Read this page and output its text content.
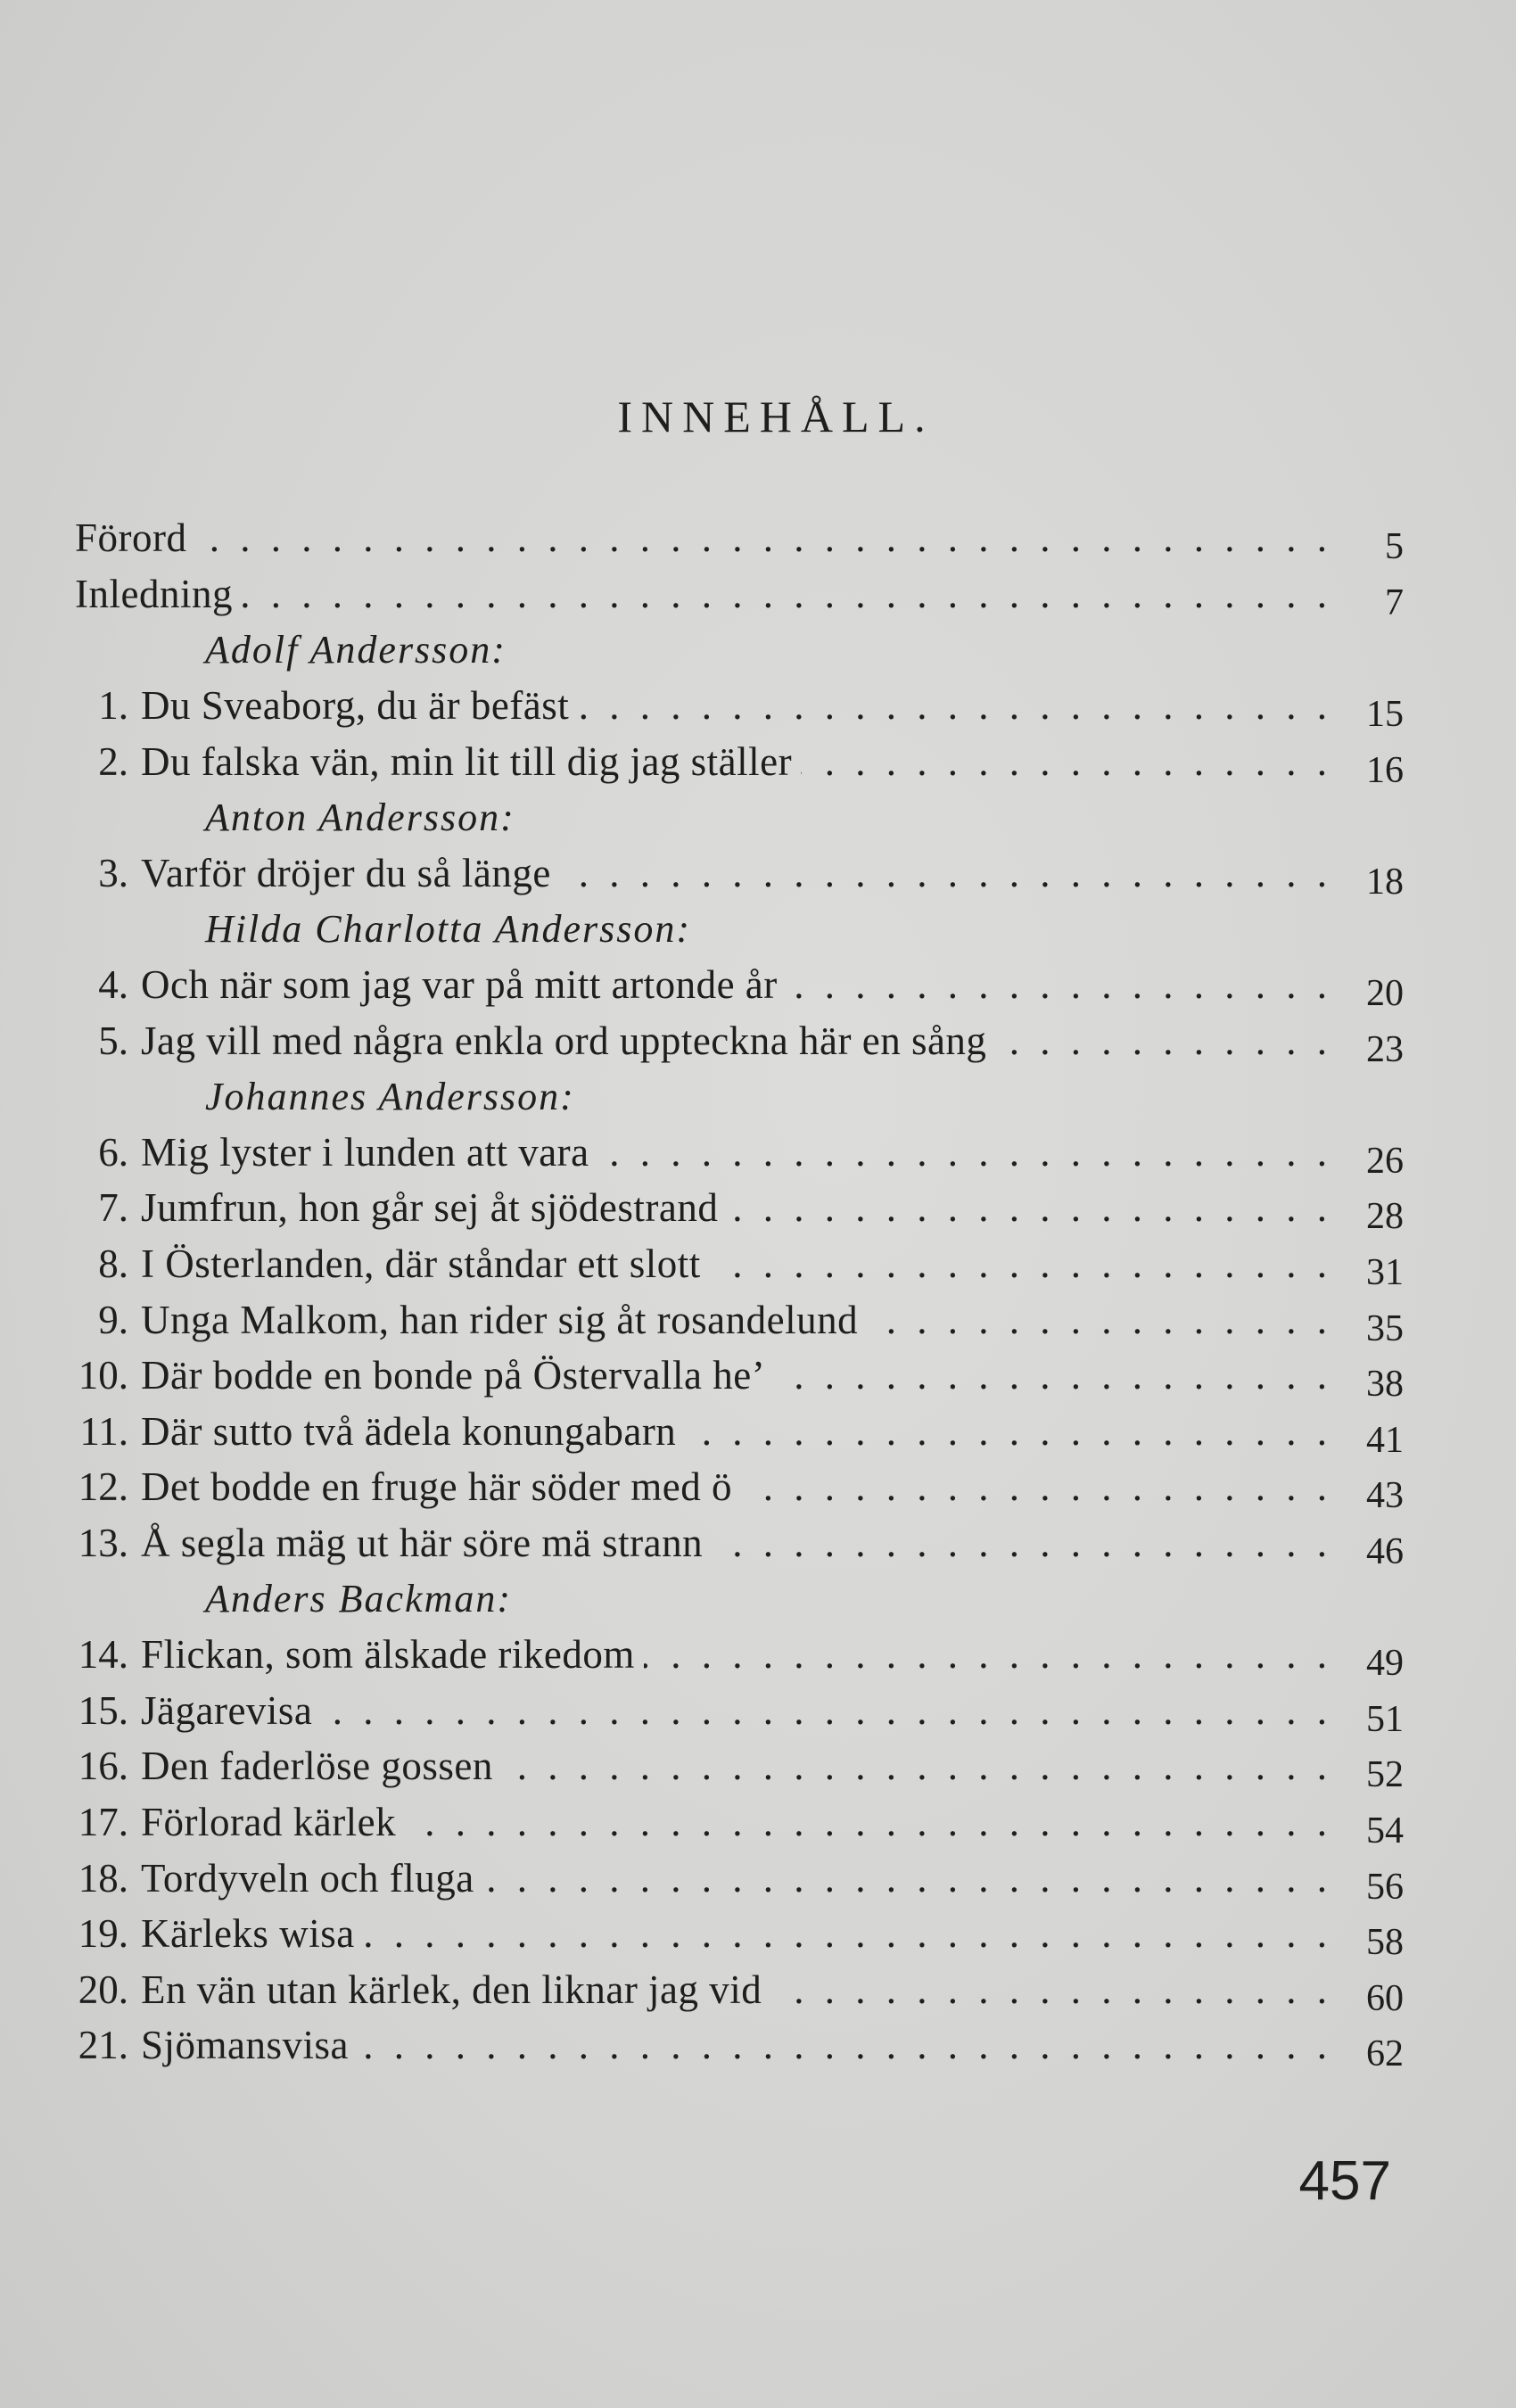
INNEHÅLL.
Förord . . .	5
Inledning . . .	7
Adolf Andersson:
1. Du Sveaborg, du är befäst . . .	15
2. Du falska vän, min lit till dig jag ställer . . .	16
Anton Andersson:
3. Varför dröjer du så länge . . .	18
Hilda Charlotta Andersson:
4. Och när som jag var på mitt artonde år . . .	20
5. Jag vill med några enkla ord uppteckna här en sång . . .	23
Johannes Andersson:
6. Mig lyster i lunden att vara . . .	26
7. Jumfrun, hon går sej åt sjödestrand . . .	28
8. I Österlanden, där ståndar ett slott . . .	31
9. Unga Malkom, han rider sig åt rosandelund . . .	35
10. Där bodde en bonde på Östervalla he’ . . .	38
11. Där sutto två ädela konungabarn . . .	41
12. Det bodde en fruge här söder med ö . . .	43
13. Å segla mäg ut här söre mä strann . . .	46
Anders Backman:
14. Flickan, som älskade rikedom . . .	49
15. Jägarevisa . . .	51
16. Den faderlöse gossen . . .	52
17. Förlorad kärlek . . .	54
18. Tordyveln och fluga . . .	56
19. Kärleks wisa . . .	58
20. En vän utan kärlek, den liknar jag vid . . .	60
21. Sjömansvisa . . .	62
457
